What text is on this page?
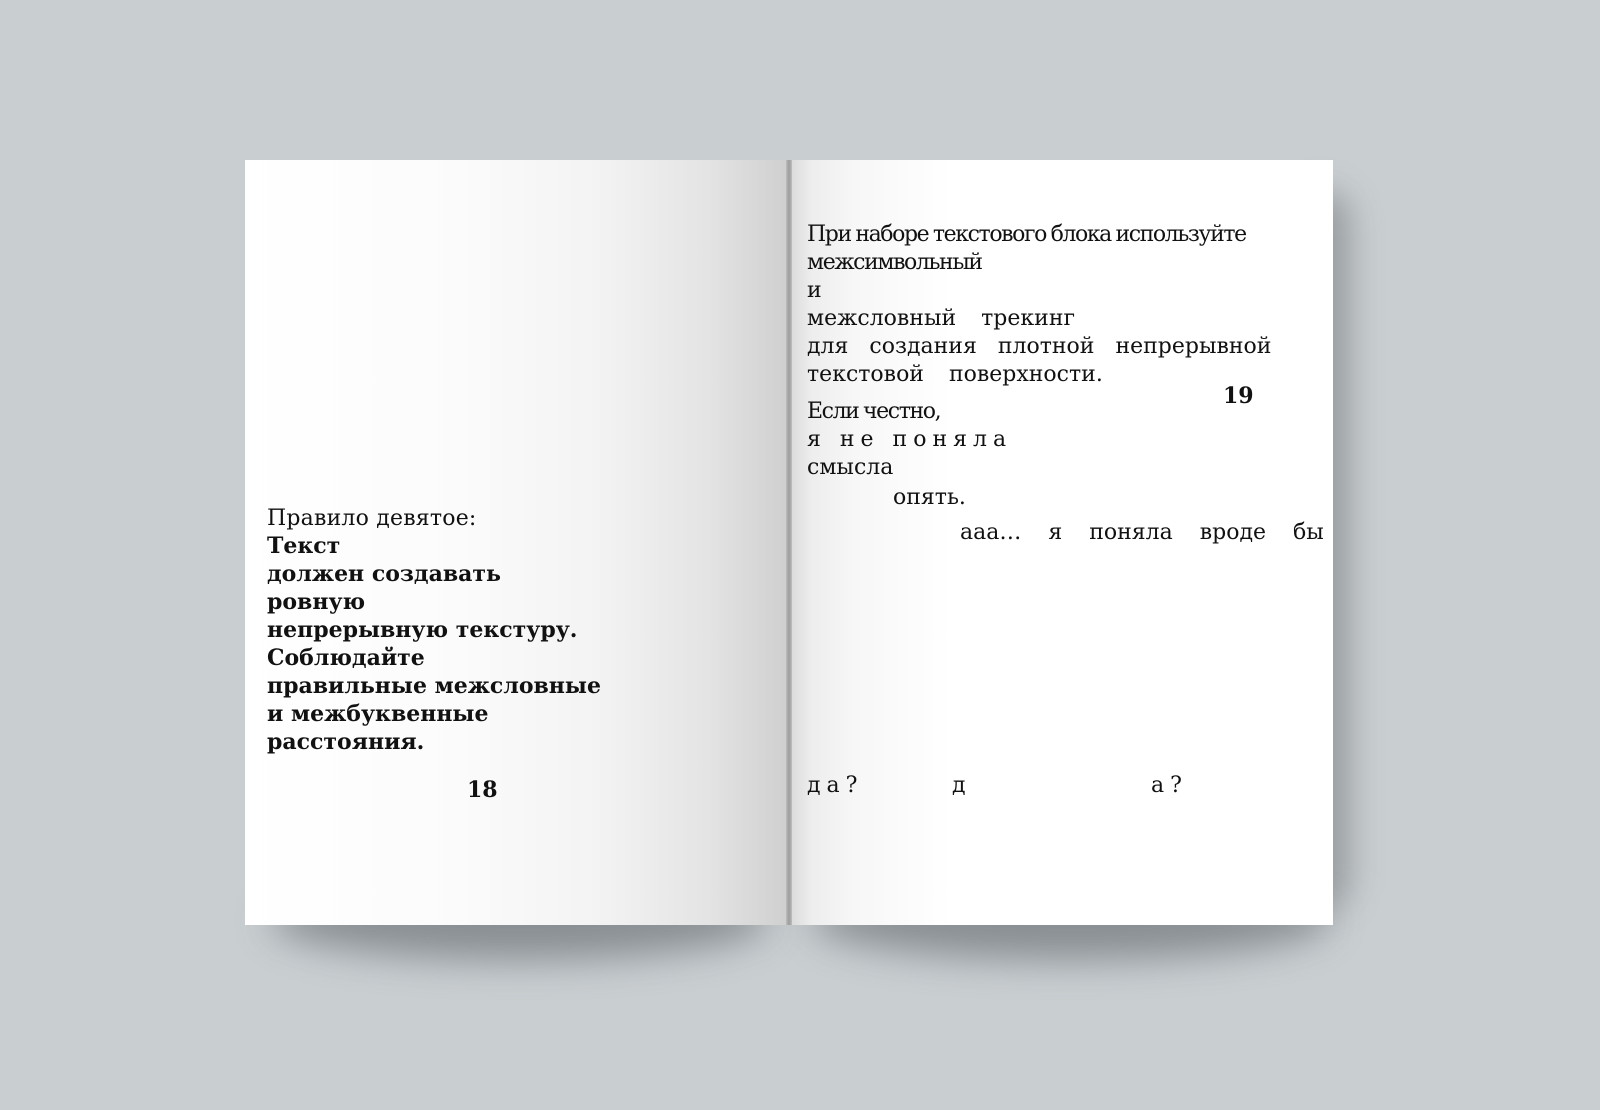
Правило девятое:
Текст
должен создавать
ровную
непрерывную текстуру.
Соблюдайте
правильные межсловные
и межбуквенные
расстояния.
18
При наборе текстового блока используйте
межсимвольный
и
межсловный трекинг
для создания плотной непрерывной
текстовой поверхности.
19
Если честно,
я не поняла
смысла
опять.
ааа… я поняла вроде бы
да?	д	а?
